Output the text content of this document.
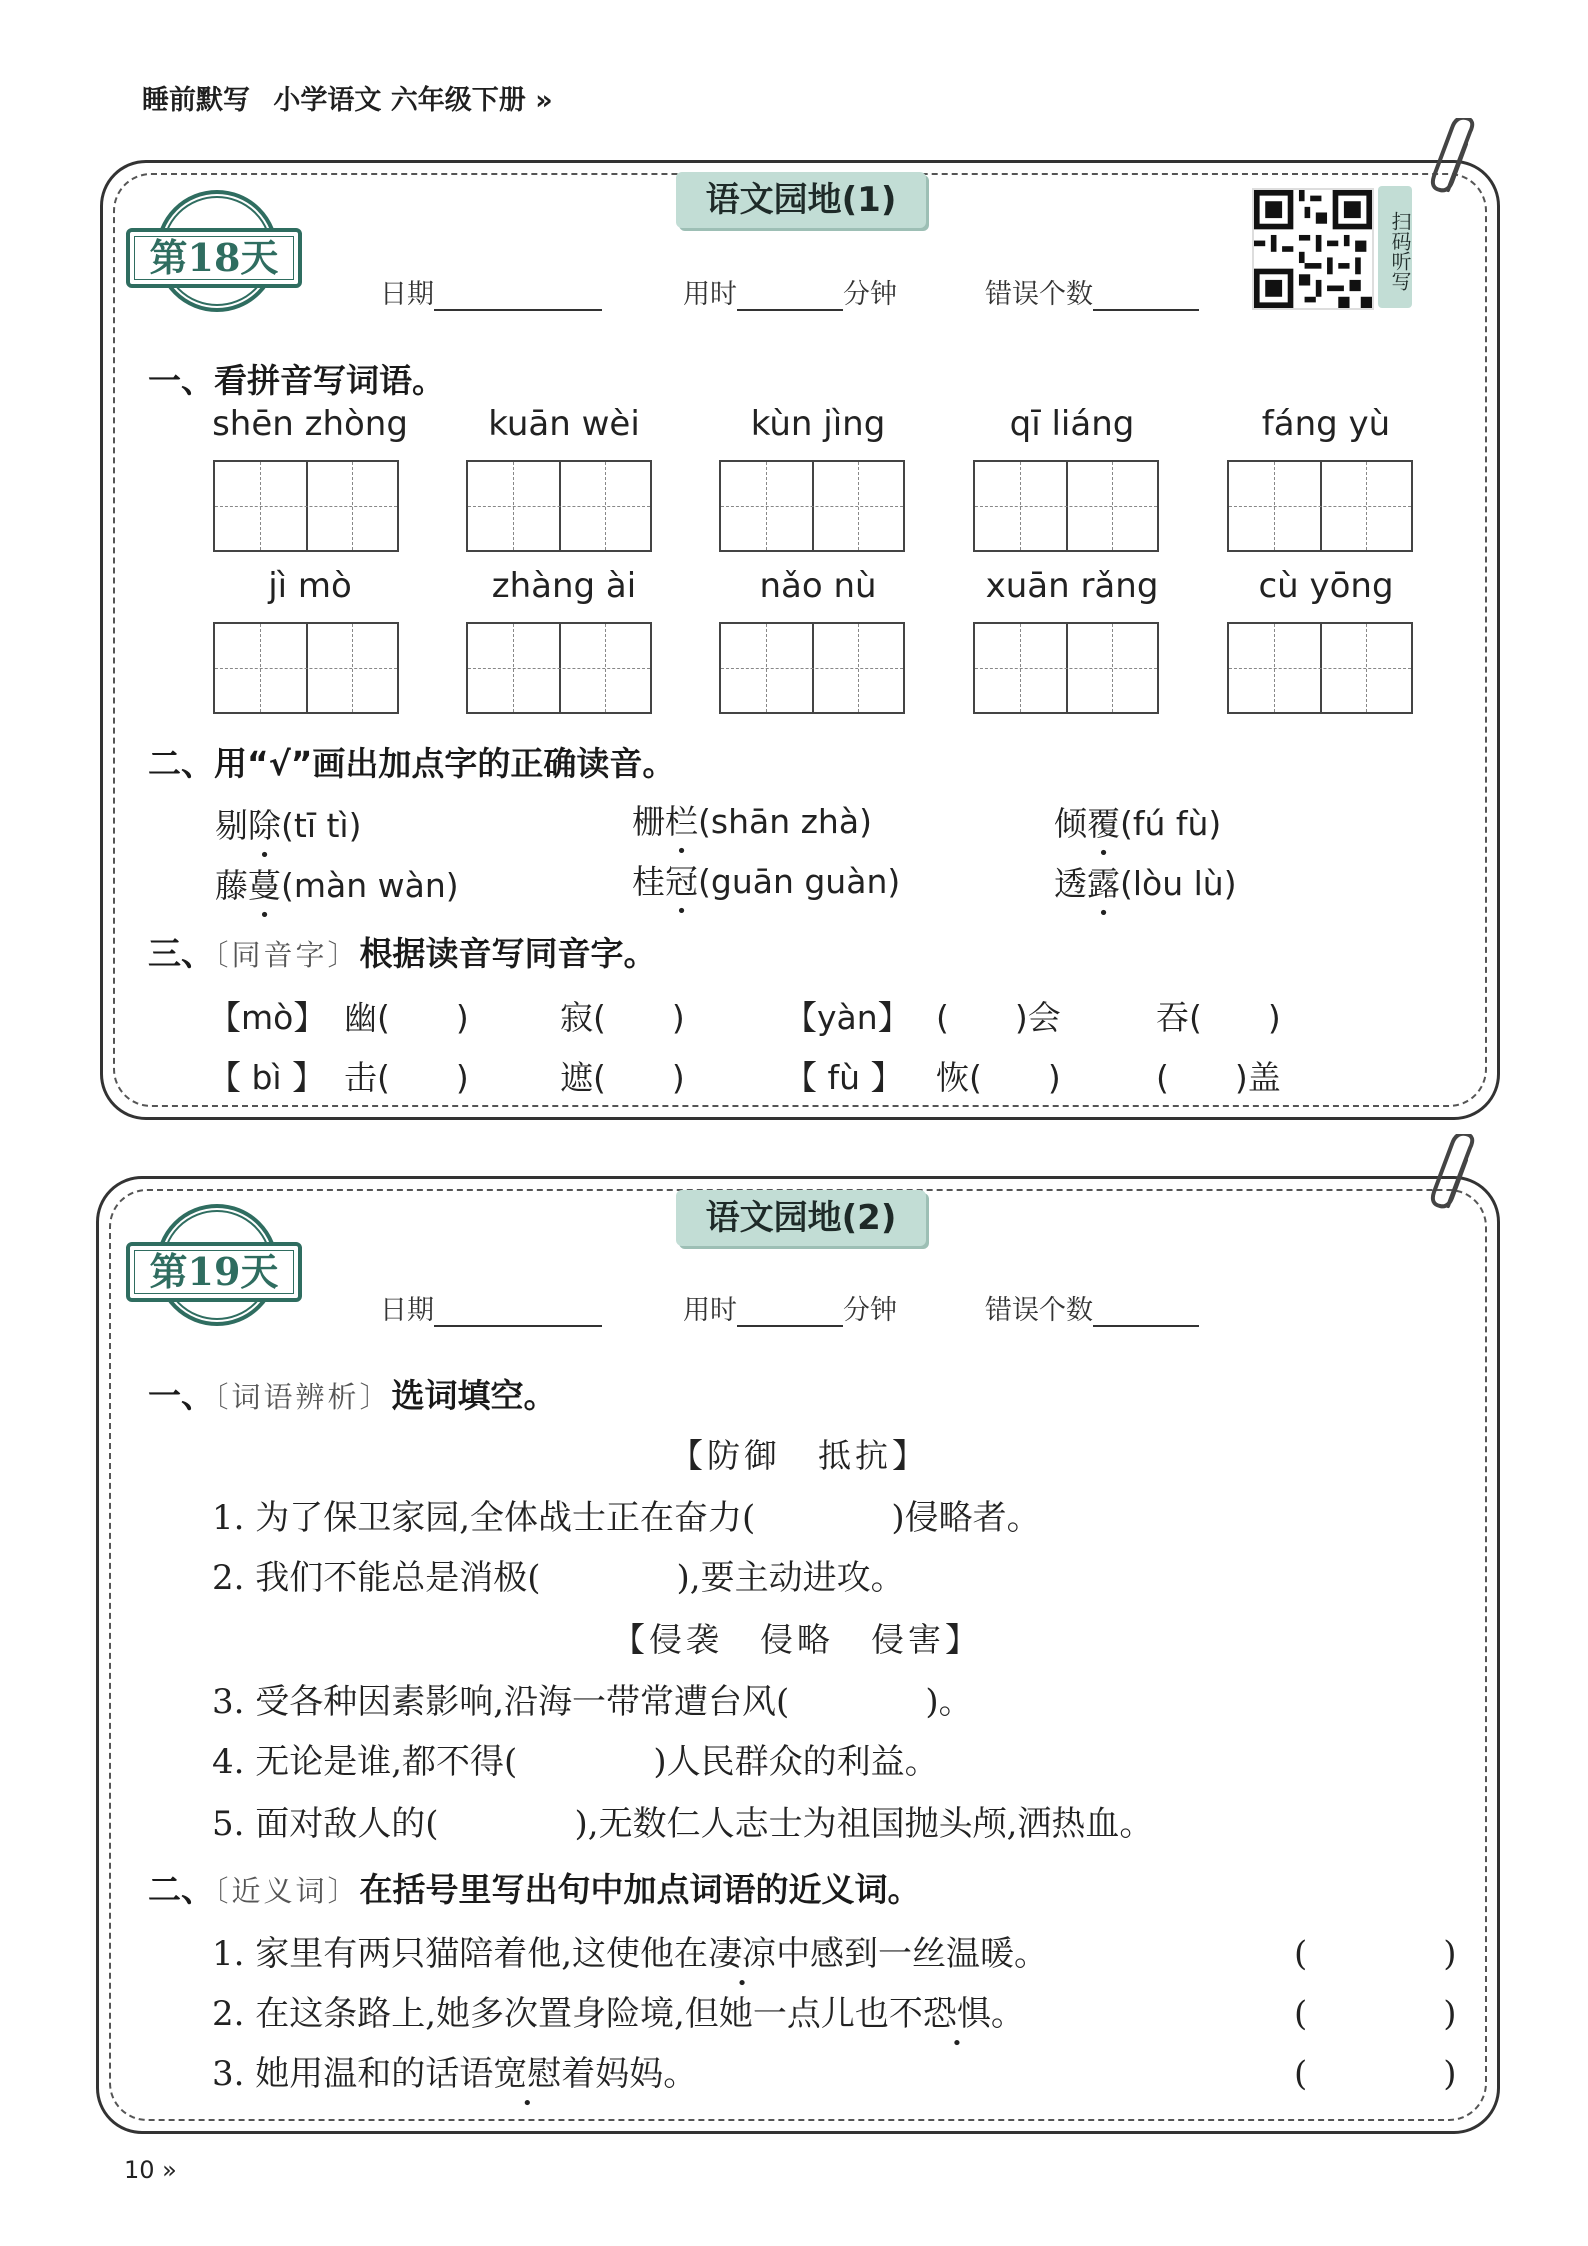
睡前默写 小学语文 六年级下册 »
第18天
语文园地(1)
日期	用时	分钟	错误个数
扫码听写
一、看拼音写词语。
shēn zhòng	kuān wèi	kùn jìng	qī liáng	fáng yù
jì mò	zhàng ài	nǎo nù	xuān rǎng	cù yōng
二、用“√”画出加点字的正确读音。
剔除(tī tì)	栅栏(shān zhà)	倾覆(fú fù)
藤蔓(màn wàn)	桂冠(guān guàn)	透露(lòu lù)
三、〔同音字〕根据读音写同音字。
【mò】 幽(　　)	寂(　　)	【yàn】 (　　)会	吞(　　)
【 bì 】 击(　　)	遮(　　)	【 fù 】 恢(　　)	(　　)盖
第19天
语文园地(2)
日期	用时	分钟	错误个数
一、〔词语辨析〕选词填空。
【防御　抵抗】
1. 为了保卫家园,全体战士正在奋力(　　　　)侵略者。
2. 我们不能总是消极(　　　　),要主动进攻。
【侵袭　侵略　侵害】
3. 受各种因素影响,沿海一带常遭台风(　　　　)。
4. 无论是谁,都不得(　　　　)人民群众的利益。
5. 面对敌人的(　　　　),无数仁人志士为祖国抛头颅,洒热血。
二、〔近义词〕在括号里写出句中加点词语的近义词。
1. 家里有两只猫陪着他,这使他在凄凉中感到一丝温暖。	(　　　　)
2. 在这条路上,她多次置身险境,但她一点儿也不恐惧。	(　　　　)
3. 她用温和的话语宽慰着妈妈。	(　　　　)
10 »
